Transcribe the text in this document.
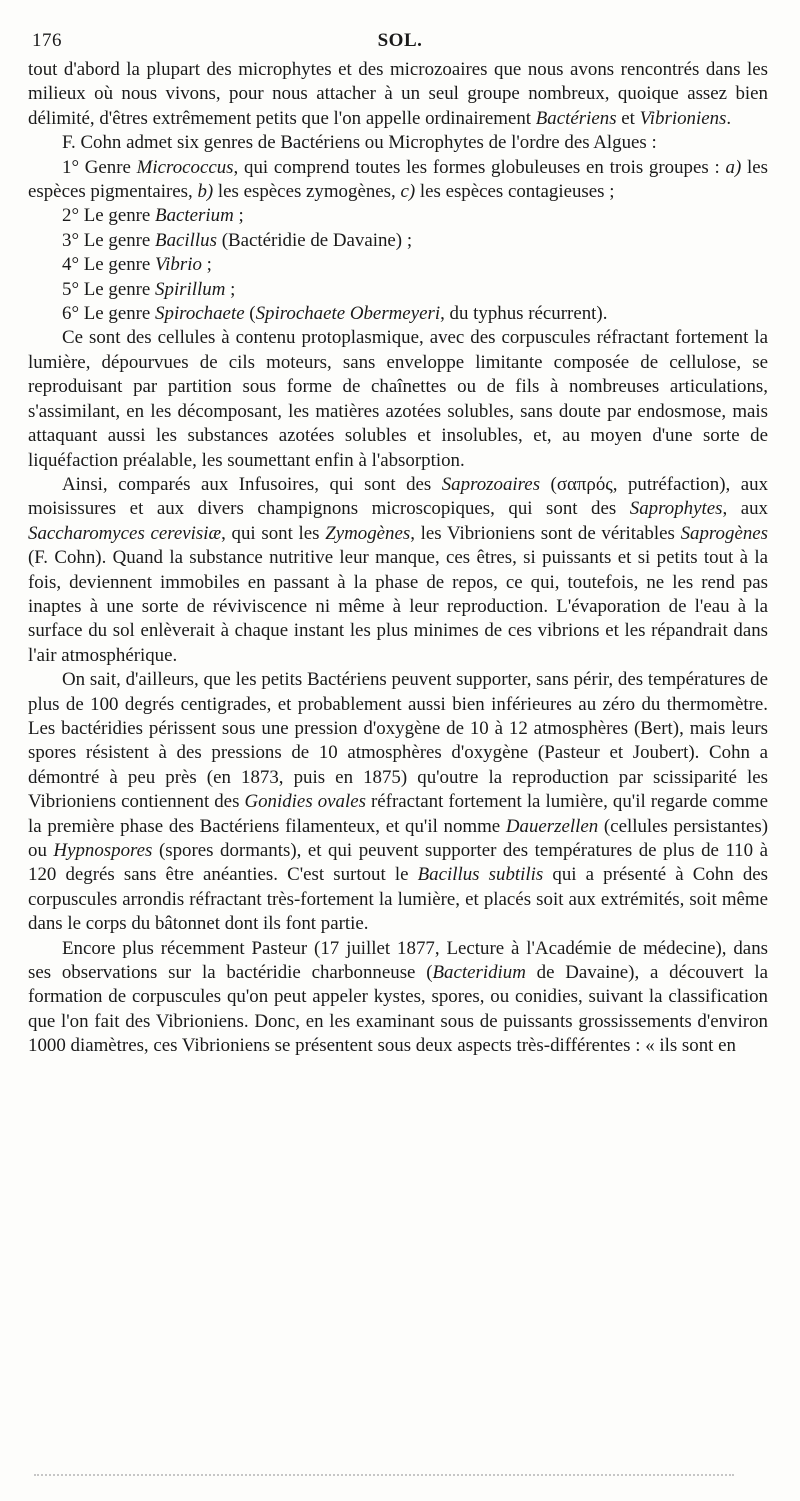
176	SOL.

tout d'abord la plupart des microphytes et des microzoaires que nous avons rencontrés dans les milieux où nous vivons, pour nous attacher à un seul groupe nombreux, quoique assez bien délimité, d'êtres extrêmement petits que l'on appelle ordinairement Bactériens et Vibrioniens.

F. Cohn admet six genres de Bactériens ou Microphytes de l'ordre des Algues :

1° Genre Micrococcus, qui comprend toutes les formes globuleuses en trois groupes : a) les espèces pigmentaires, b) les espèces zymogènes, c) les espèces contagieuses ;
2° Le genre Bacterium ;
3° Le genre Bacillus (Bactéridie de Davaine) ;
4° Le genre Vibrio ;
5° Le genre Spirillum ;
6° Le genre Spirochaete (Spirochaete Obermeyeri, du typhus récurrent).

Ce sont des cellules à contenu protoplasmique, avec des corpuscules réfractant fortement la lumière, dépourvues de cils moteurs, sans enveloppe limitante composée de cellulose, se reproduisant par partition sous forme de chaînettes ou de fils à nombreuses articulations, s'assimilant, en les décomposant, les matières azotées solubles, sans doute par endosmose, mais attaquant aussi les substances azotées solubles et insolubles, et, au moyen d'une sorte de liquéfaction préalable, les soumettant enfin à l'absorption.

Ainsi, comparés aux Infusoires, qui sont des Saprozoaires (σαπρός, putréfaction), aux moisissures et aux divers champignons microscopiques, qui sont des Saprophytes, aux Saccharomyces cerevisiæ, qui sont les Zymogènes, les Vibrioniens sont de véritables Saprogènes (F. Cohn). Quand la substance nutritive leur manque, ces êtres, si puissants et si petits tout à la fois, deviennent immobiles en passant à la phase de repos, ce qui, toutefois, ne les rend pas inaptes à une sorte de réviviscence ni même à leur reproduction. L'évaporation de l'eau à la surface du sol enlèverait à chaque instant les plus minimes de ces vibrions et les répandrait dans l'air atmosphérique.

On sait, d'ailleurs, que les petits Bactériens peuvent supporter, sans périr, des températures de plus de 100 degrés centigrades, et probablement aussi bien inférieures au zéro du thermomètre. Les bactéridies périssent sous une pression d'oxygène de 10 à 12 atmosphères (Bert), mais leurs spores résistent à des pressions de 10 atmosphères d'oxygène (Pasteur et Joubert). Cohn a démontré à peu près (en 1873, puis en 1875) qu'outre la reproduction par scissiparité les Vibrioniens contiennent des Gonidies ovales réfractant fortement la lumière, qu'il regarde comme la première phase des Bactériens filamenteux, et qu'il nomme Dauerzellen (cellules persistantes) ou Hypnospores (spores dormants), et qui peuvent supporter des températures de plus de 110 à 120 degrés sans être anéanties. C'est surtout le Bacillus subtilis qui a présenté à Cohn des corpuscules arrondis réfractant très-fortement la lumière, et placés soit aux extrémités, soit même dans le corps du bâtonnet dont ils font partie.

Encore plus récemment Pasteur (17 juillet 1877, Lecture à l'Académie de médecine), dans ses observations sur la bactéridie charbonneuse (Bacteridium de Davaine), a découvert la formation de corpuscules qu'on peut appeler kystes, spores, ou conidies, suivant la classification que l'on fait des Vibrioniens. Donc, en les examinant sous de puissants grossissements d'environ 1000 diamètres, ces Vibrioniens se présentent sous deux aspects très-différentes : « ils sont en
